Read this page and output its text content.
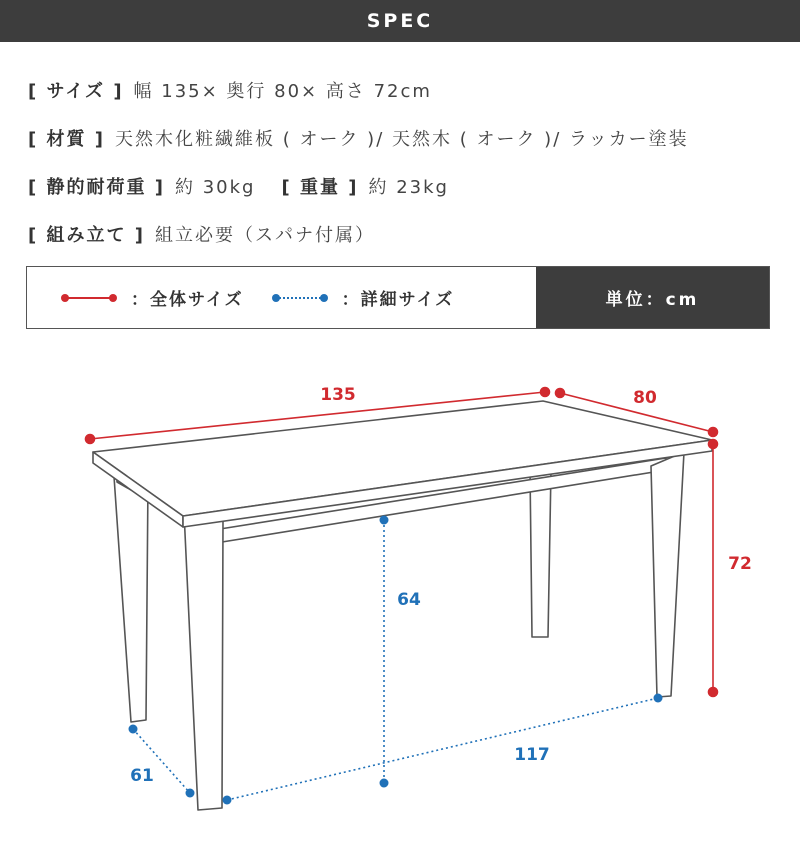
SPEC
[ サイズ ] 幅 135× 奥行 80× 高さ 72cm
[ 材質 ] 天然木化粧繊維板 ( オーク )/ 天然木 ( オーク )/ ラッカー塗装
[ 静的耐荷重 ] 約 30kg [ 重量 ] 約 23kg
[ 組み立て ] 組立必要（スパナ付属）
：全体サイズ	：詳細サイズ	単位：cm
135	80
72
64
117
61
